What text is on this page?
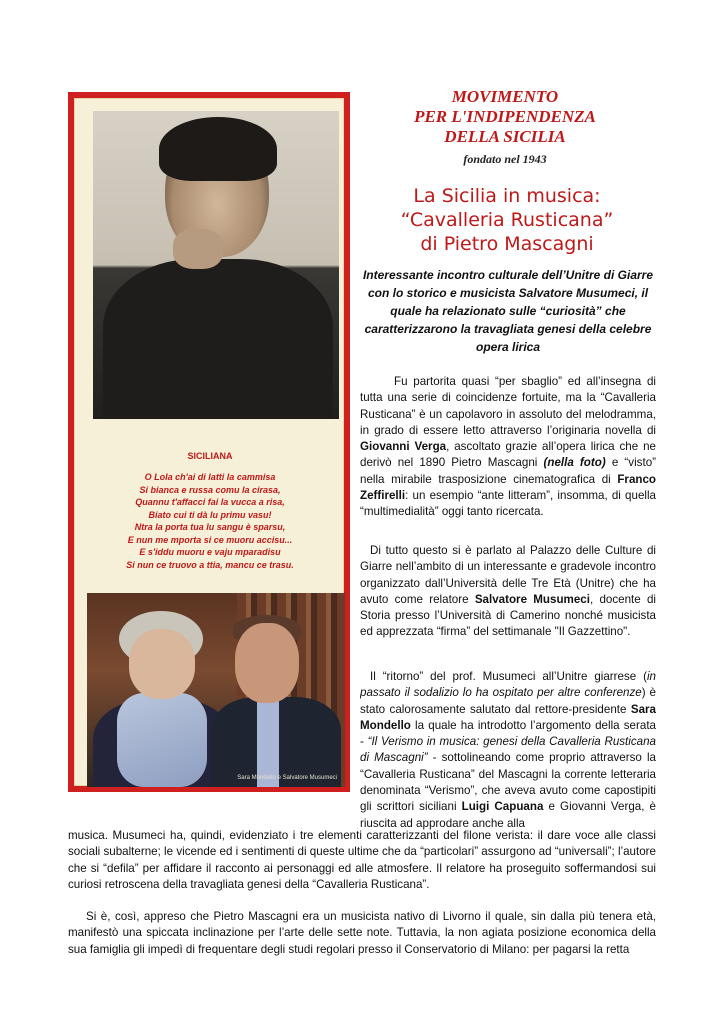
SICILIANA
O Lola ch'ai di latti la cammisa
Si bianca e russa comu la cirasa,
Quannu t'affacci fai la vucca a risa,
Biato cui ti dà lu primu vasu!
Ntra la porta tua lu sangu è sparsu,
E nun me mporta si ce muoru accisu...
E s'iddu muoru e vaju mparadisu
Si nun ce truovo a ttia, mancu ce trasu.
Sara Mondello e Salvatore Musumeci
MOVIMENTO
PER L'INDIPENDENZA
DELLA SICILIA
fondato nel 1943
La Sicilia in musica:
“Cavalleria Rusticana”
di Pietro Mascagni
Interessante incontro culturale dell’Unitre di Giarre con lo storico e musicista Salvatore Musumeci, il quale ha relazionato sulle “curiosità” che caratterizzarono la travagliata genesi della celebre opera lirica

Fu partorita quasi “per sbaglio” ed all’insegna di tutta una serie di coincidenze fortuite, ma la “Cavalleria Rusticana” è un capolavoro in assoluto del melodramma, in grado di essere letto attraverso l’originaria novella di Giovanni Verga, ascoltato grazie all’opera lirica che ne derivò nel 1890 Pietro Mascagni (nella foto) e “visto” nella mirabile trasposizione cinematografica di Franco Zeffirelli: un esempio “ante litteram”, insomma, di quella “multimedialità” oggi tanto ricercata.

Di tutto questo si è parlato al Palazzo delle Culture di Giarre nell’ambito di un interessante e gradevole incontro organizzato dall’Università delle Tre Età (Unitre) che ha avuto come relatore Salvatore Musumeci, docente di Storia presso l’Università di Camerino nonché musicista ed apprezzata “firma” del settimanale "Il Gazzettino".

Il “ritorno” del prof. Musumeci all’Unitre giarrese (in passato il sodalizio lo ha ospitato per altre conferenze) è stato calorosamente salutato dal rettore-presidente Sara Mondello la quale ha introdotto l’argomento della serata - “Il Verismo in musica: genesi della Cavalleria Rusticana di Mascagni” - sottolineando come proprio attraverso la “Cavalleria Rusticana” del Mascagni la corrente letteraria denominata “Verismo”, che aveva avuto come capostipiti gli scrittori siciliani Luigi Capuana e Giovanni Verga, è riuscita ad approdare anche alla

musica. Musumeci ha, quindi, evidenziato i tre elementi caratterizzanti del filone verista: il dare voce alle classi sociali subalterne; le vicende ed i sentimenti di queste ultime che da “particolari” assurgono ad “universali”; l’autore che si “defila” per affidare il racconto ai personaggi ed alle atmosfere. Il relatore ha proseguito soffermandosi sui curiosi retroscena della travagliata genesi della “Cavalleria Rusticana”.

Si è, così, appreso che Pietro Mascagni era un musicista nativo di Livorno il quale, sin dalla più tenera età, manifestò una spiccata inclinazione per l’arte delle sette note. Tuttavia, la non agiata posizione economica della sua famiglia gli impedì di frequentare degli studi regolari presso il Conservatorio di Milano: per pagarsi la retta
